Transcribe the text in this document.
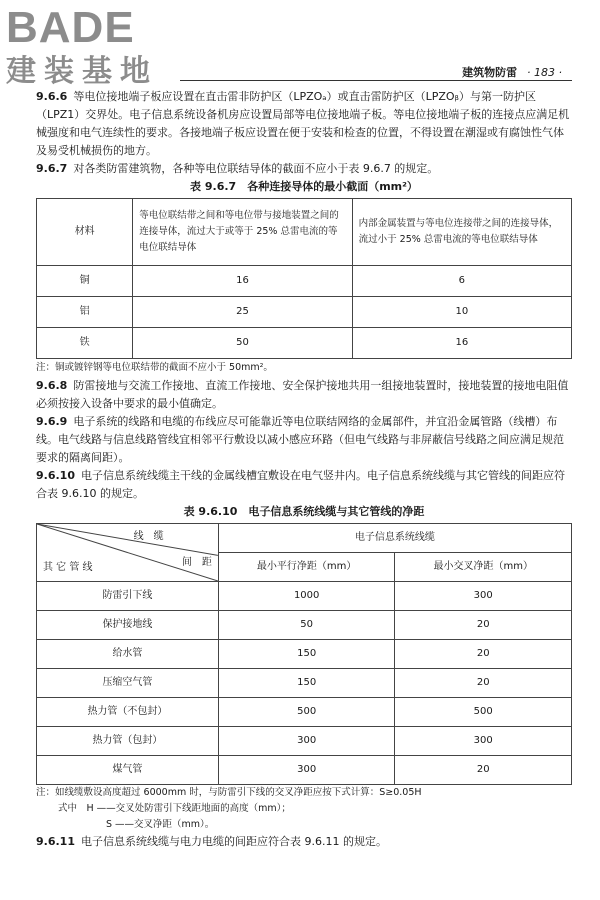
BADE
建装基地	建筑物防雷 · 183 ·

9.6.6 等电位接地端子板应设置在直击雷非防护区（LPZOₐ）或直击雷防护区（LPZOᵦ）与第一防护区（LPZ1）交界处。电子信息系统设备机房应设置局部等电位接地端子板。等电位接地端子板的连接点应满足机械强度和电气连续性的要求。各接地端子板应设置在便于安装和检查的位置，不得设置在潮湿或有腐蚀性气体及易受机械损伤的地方。

9.6.7 对各类防雷建筑物，各种等电位联结导体的截面不应小于表 9.6.7 的规定。

表 9.6.7　各种连接导体的最小截面（mm²）

材料	等电位联结带之间和等电位带与接地装置之间的连接导体，流过大于或等于 25% 总雷电流的等电位联结导体	内部金属装置与等电位连接带之间的连接导体，流过小于 25% 总雷电流的等电位联结导体
铜	16	6
铝	25	10
铁	50	16

注：铜或镀锌钢等电位联结带的截面不应小于 50mm²。

9.6.8 防雷接地与交流工作接地、直流工作接地、安全保护接地共用一组接地装置时，接地装置的接地电阻值必须按接入设备中要求的最小值确定。

9.6.9 电子系统的线路和电缆的布线应尽可能靠近等电位联结网络的金属部件，并宜沿金属管路（线槽）布线。电气线路与信息线路管线宜相邻平行敷设以减小感应环路（但电气线路与非屏蔽信号线路之间应满足规范要求的隔离间距）。

9.6.10 电子信息系统线缆主干线的金属线槽宜敷设在电气竖井内。电子信息系统线缆与其它管线的间距应符合表 9.6.10 的规定。

表 9.6.10　电子信息系统线缆与其它管线的净距

线　缆
间　距
其 它 管 线	电子信息系统线缆	
	最小平行净距（mm）	最小交叉净距（mm）
防雷引下线	1000	300
保护接地线	50	20
给水管	150	20
压缩空气管	150	20
热力管（不包封）	500	500
热力管（包封）	300	300
煤气管	300	20

注：如线缆敷设高度超过 6000mm 时，与防雷引下线的交叉净距应按下式计算：S≥0.05H

式中　H ——交叉处防雷引下线距地面的高度（mm）；

S ——交叉净距（mm）。

9.6.11 电子信息系统线缆与电力电缆的间距应符合表 9.6.11 的规定。
